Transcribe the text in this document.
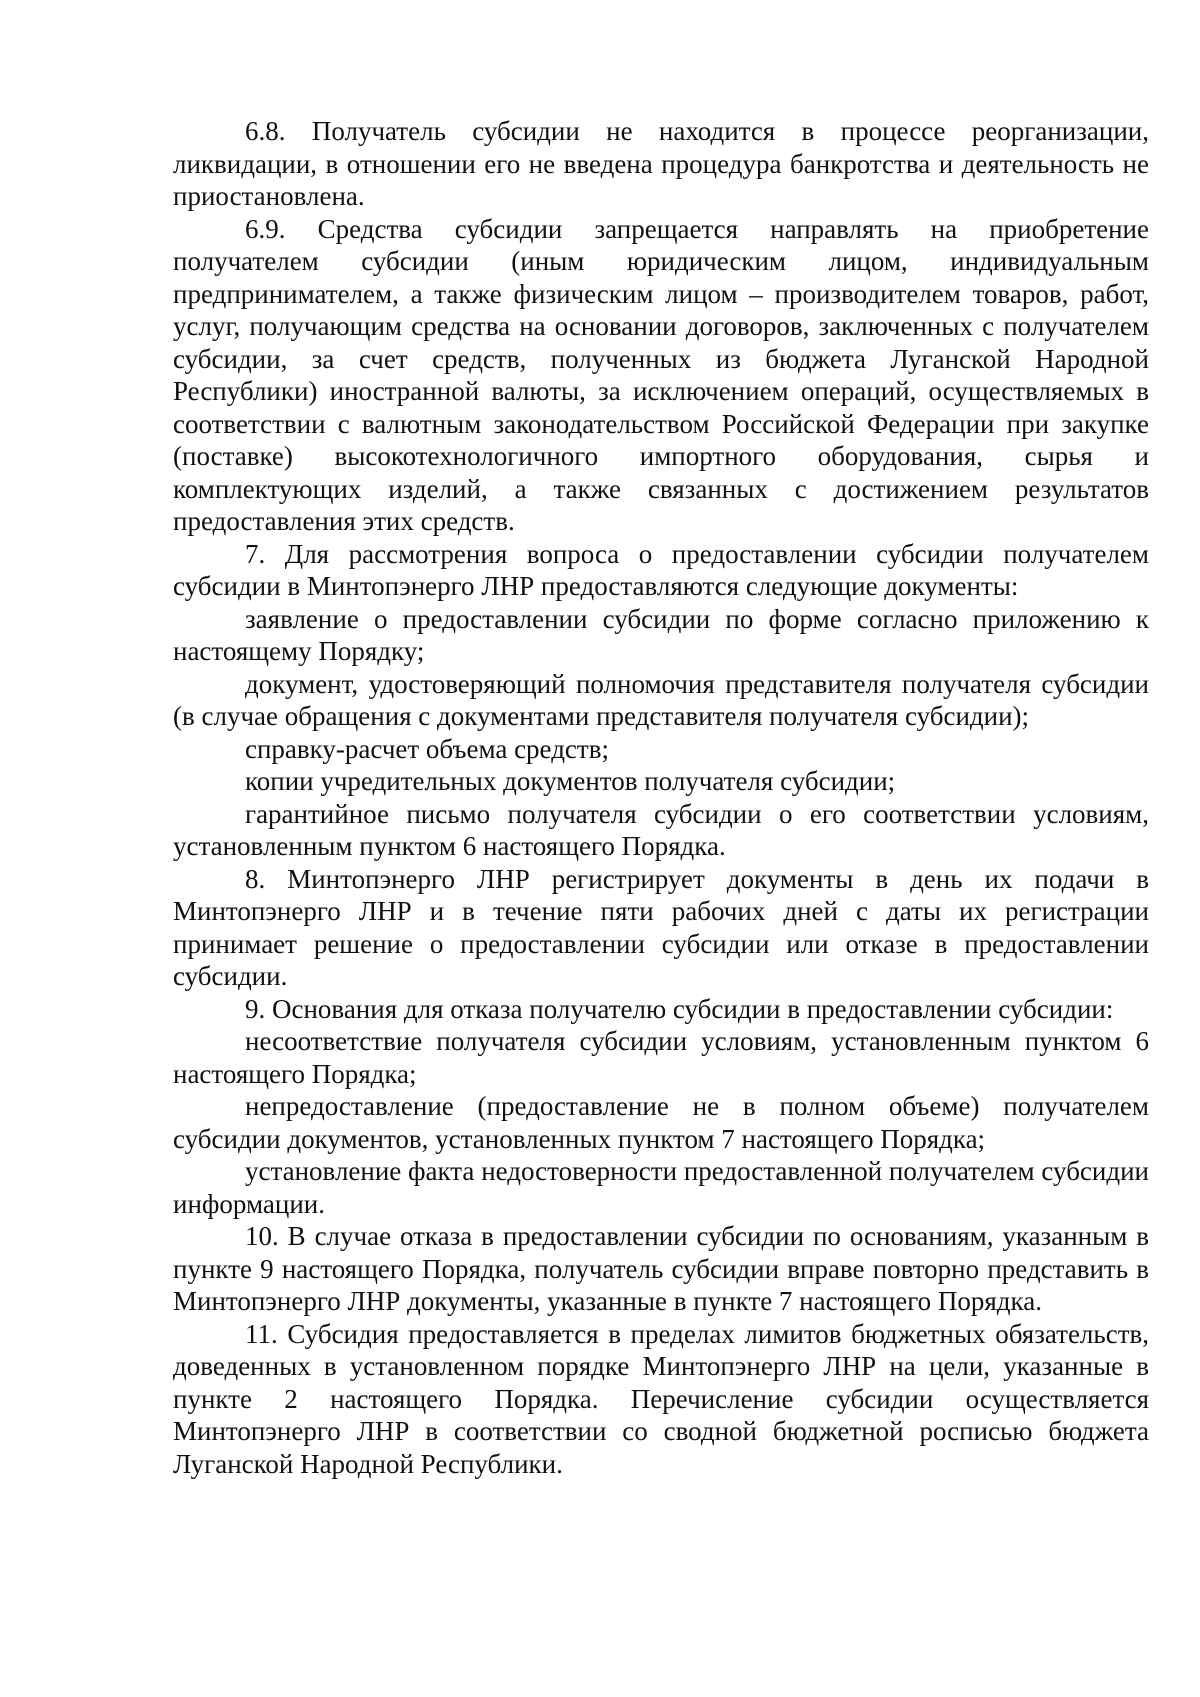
6.8. Получатель субсидии не находится в процессе реорганизации, ликвидации, в отношении его не введена процедура банкротства и деятельность не приостановлена.

6.9. Средства субсидии запрещается направлять на приобретение получателем субсидии (иным юридическим лицом, индивидуальным предпринимателем, а также физическим лицом – производителем товаров, работ, услуг, получающим средства на основании договоров, заключенных с получателем субсидии, за счет средств, полученных из бюджета Луганской Народной Республики) иностранной валюты, за исключением операций, осуществляемых в соответствии с валютным законодательством Российской Федерации при закупке (поставке) высокотехнологичного импортного оборудования, сырья и комплектующих изделий, а также связанных с достижением результатов предоставления этих средств.

7. Для рассмотрения вопроса о предоставлении субсидии получателем субсидии в Минтопэнерго ЛНР предоставляются следующие документы:

заявление о предоставлении субсидии по форме согласно приложению к настоящему Порядку;

документ, удостоверяющий полномочия представителя получателя субсидии (в случае обращения с документами представителя получателя субсидии);

справку-расчет объема средств;

копии учредительных документов получателя субсидии;

гарантийное письмо получателя субсидии о его соответствии условиям, установленным пунктом 6 настоящего Порядка.

8. Минтопэнерго ЛНР регистрирует документы в день их подачи в Минтопэнерго ЛНР и в течение пяти рабочих дней с даты их регистрации принимает решение о предоставлении субсидии или отказе в предоставлении субсидии.

9. Основания для отказа получателю субсидии в предоставлении субсидии:

несоответствие получателя субсидии условиям, установленным пунктом 6 настоящего Порядка;

непредоставление (предоставление не в полном объеме) получателем субсидии документов, установленных пунктом 7 настоящего Порядка;

установление факта недостоверности предоставленной получателем субсидии информации.

10. В случае отказа в предоставлении субсидии по основаниям, указанным в пункте 9 настоящего Порядка, получатель субсидии вправе повторно представить в Минтопэнерго ЛНР документы, указанные в пункте 7 настоящего Порядка.

11. Субсидия предоставляется в пределах лимитов бюджетных обязательств, доведенных в установленном порядке Минтопэнерго ЛНР на цели, указанные в пункте 2 настоящего Порядка. Перечисление субсидии осуществляется Минтопэнерго ЛНР в соответствии со сводной бюджетной росписью бюджета Луганской Народной Республики.
